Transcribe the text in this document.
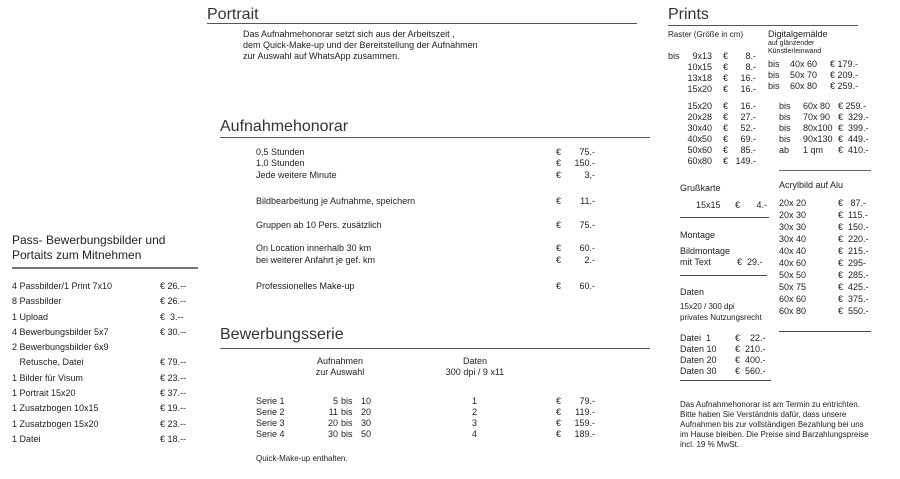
Portrait
Das Aufnahmehonorar setzt sich aus der Arbeitszeit ,
dem Quick-Make-up und der Bereitstellung der Aufnahmen
zur Auswahl auf WhatsApp zusammen.
Aufnahmehonorar
0,5 Stunden	€	75.-
1,0 Stunden	€	150.-
Jede weitere Minute	€	3,-
Bildbearbeitung je Aufnahme, speichern	€	11.-
Gruppen ab 10 Pers. zusätzlich	€	75.-
On Location innerhalb 30 km	€	60.-
bei weiterer Anfahrt je gef. km	€	2.-
Professionelles Make-up	€	60.-
Bewerbungsserie
Aufnahmen
zur Auswahl
Daten
300 dpi / 9 x11
Serie 1	5 bis 10	1	€	79.-
Serie 2	11 bis 20	2	€	119.-
Serie 3	20 bis 30	3	€	159.-
Serie 4	30 bis 50	4	€	189.-
Quick-Make-up enthalten.
Pass- Bewerbungsbilder und
Portaits zum Mitnehmen
4 Passbilder/1 Print 7x10	€ 26.--
8 Passbilder	€ 26.--
1 Upload	€  3.--
4 Bewerbungsbilder 5x7	€ 30.--
2 Bewerbungsbilder 6x9
Retusche, Datei	€ 79.--
1 Bilder für Visum	€ 23.--
1 Portrait 15x20	€ 37.--
1 Zusatzbogen 10x15	€ 19.--
1 Zusatzbogen 15x20	€ 23.--
1 Datei	€ 18.--
Prints
Raster (Größe in cm)
bis	9x13 €	8.-
10x15 €	8.-
13x18 €	16.-
15x20 €	16.-
Digitalgemälde
auf glänzender
Künstlerleinwand
bis 40x 60 € 179.-
bis 50x 70 € 209.-
bis 60x 80 € 259.-
15x20 €	16.-
20x28 €	27.-
30x40 €	52.-
40x50 €	69.-
50x60 €	85.-
60x80 € 149.-
bis 60x 80 € 259.-
bis 70x 90 €  329.-
bis 80x100 €  399.-
bis 90x130 €  449.-
ab 1 qm €  410.-
Grußkarte
15x15 €	4.-
Montage
Bildmontage
mit Text	€  29.-
Daten
15x20 / 300 dpi
privates Nutzungsrecht
Datei  1	€    22.-
Daten 10 €  210.-
Daten 20 €  400.-
Daten 30 €  560.-
Acrylbild auf Alu
20x 20	€   87.-
20x 30	€  115.-
30x 30	€  150.-
30x 40	€  220.-
40x 40	€  215.-
40x 60	€  295-
50x 50	€  285.-
50x 75	€  425.-
60x 60	€  375.-
60x 80	€  550.-
Das Aufnahmehonorar ist am Termin zu entrichten.
Bitte haben Sie Verständnis dafür, dass unsere
Aufnahmen bis zur vollständigen Bezahlung bei uns
im Hause bleiben. Die Preise sind Barzahlungspreise
incl. 19 % MwSt.
